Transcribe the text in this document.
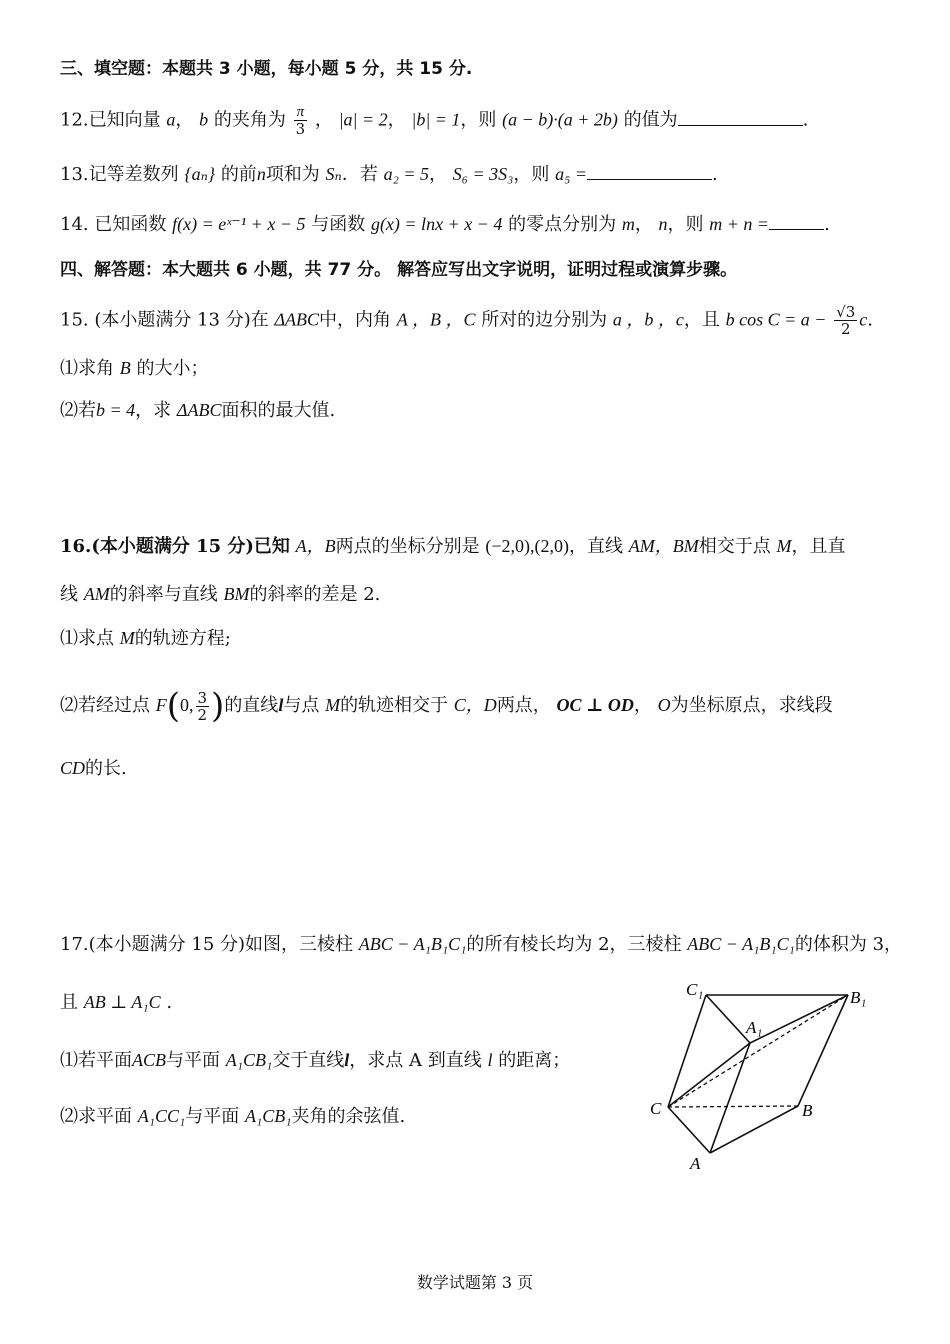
三、填空题：本题共 3 小题，每小题 5 分，共 15 分.
12.已知向量 a， b 的夹角为 $\frac{\pi}{3}$ ， |a| = 2， |b| = 1，则 (a − b)·(a + 2b) 的值为	.
13.记等差数列 {aₙ} 的前n项和为 Sₙ．若 a₂ = 5， S₆ = 3S₃，则 a₅ =	.
14. 已知函数 f(x) = eˣ⁻¹ + x − 5 与函数 g(x) = lnx + x − 4 的零点分别为 m， n，则 m + n =	.
四、解答题：本大题共 6 小题，共 77 分。 解答应写出文字说明，证明过程或演算步骤。
15. (本小题满分 13 分)在 ΔABC中，内角 A ，B ，C 所对的边分别为 a ，b ，c，且 b $\cos C = a - \frac{√3}{2} c$.
⑴求角 B 的大小；
⑵若b = 4，求 ΔABC面积的最大值.
16.(本小题满分 15 分)已知 A，B两点的坐标分别是 (−2,0),(2,0)，直线 AM，BM相交于点 M，且直
线 AM的斜率与直线 BM的斜率的差是 2.
⑴求点 M的轨迹方程;
⑵若经过点 F(0, $\frac{3}{2}$ )的直线l与点 M的轨迹相交于 C，D两点， OC ⊥ OD， O为坐标原点，求线段
CD的长.
17.(本小题满分 15 分)如图，三棱柱 ABC − A₁B₁C₁的所有棱长均为 2，三棱柱 ABC − A₁B₁C₁的体积为 3，
且 AB ⊥ A₁C .
⑴若平面ACB与平面 A₁CB₁交于直线l，求点 A 到直线 l 的距离；
⑵求平面 A₁CC₁与平面 A₁CB₁夹角的余弦值.
C₁	B₁
A₁
C	B
A
数学试题第 3 页
